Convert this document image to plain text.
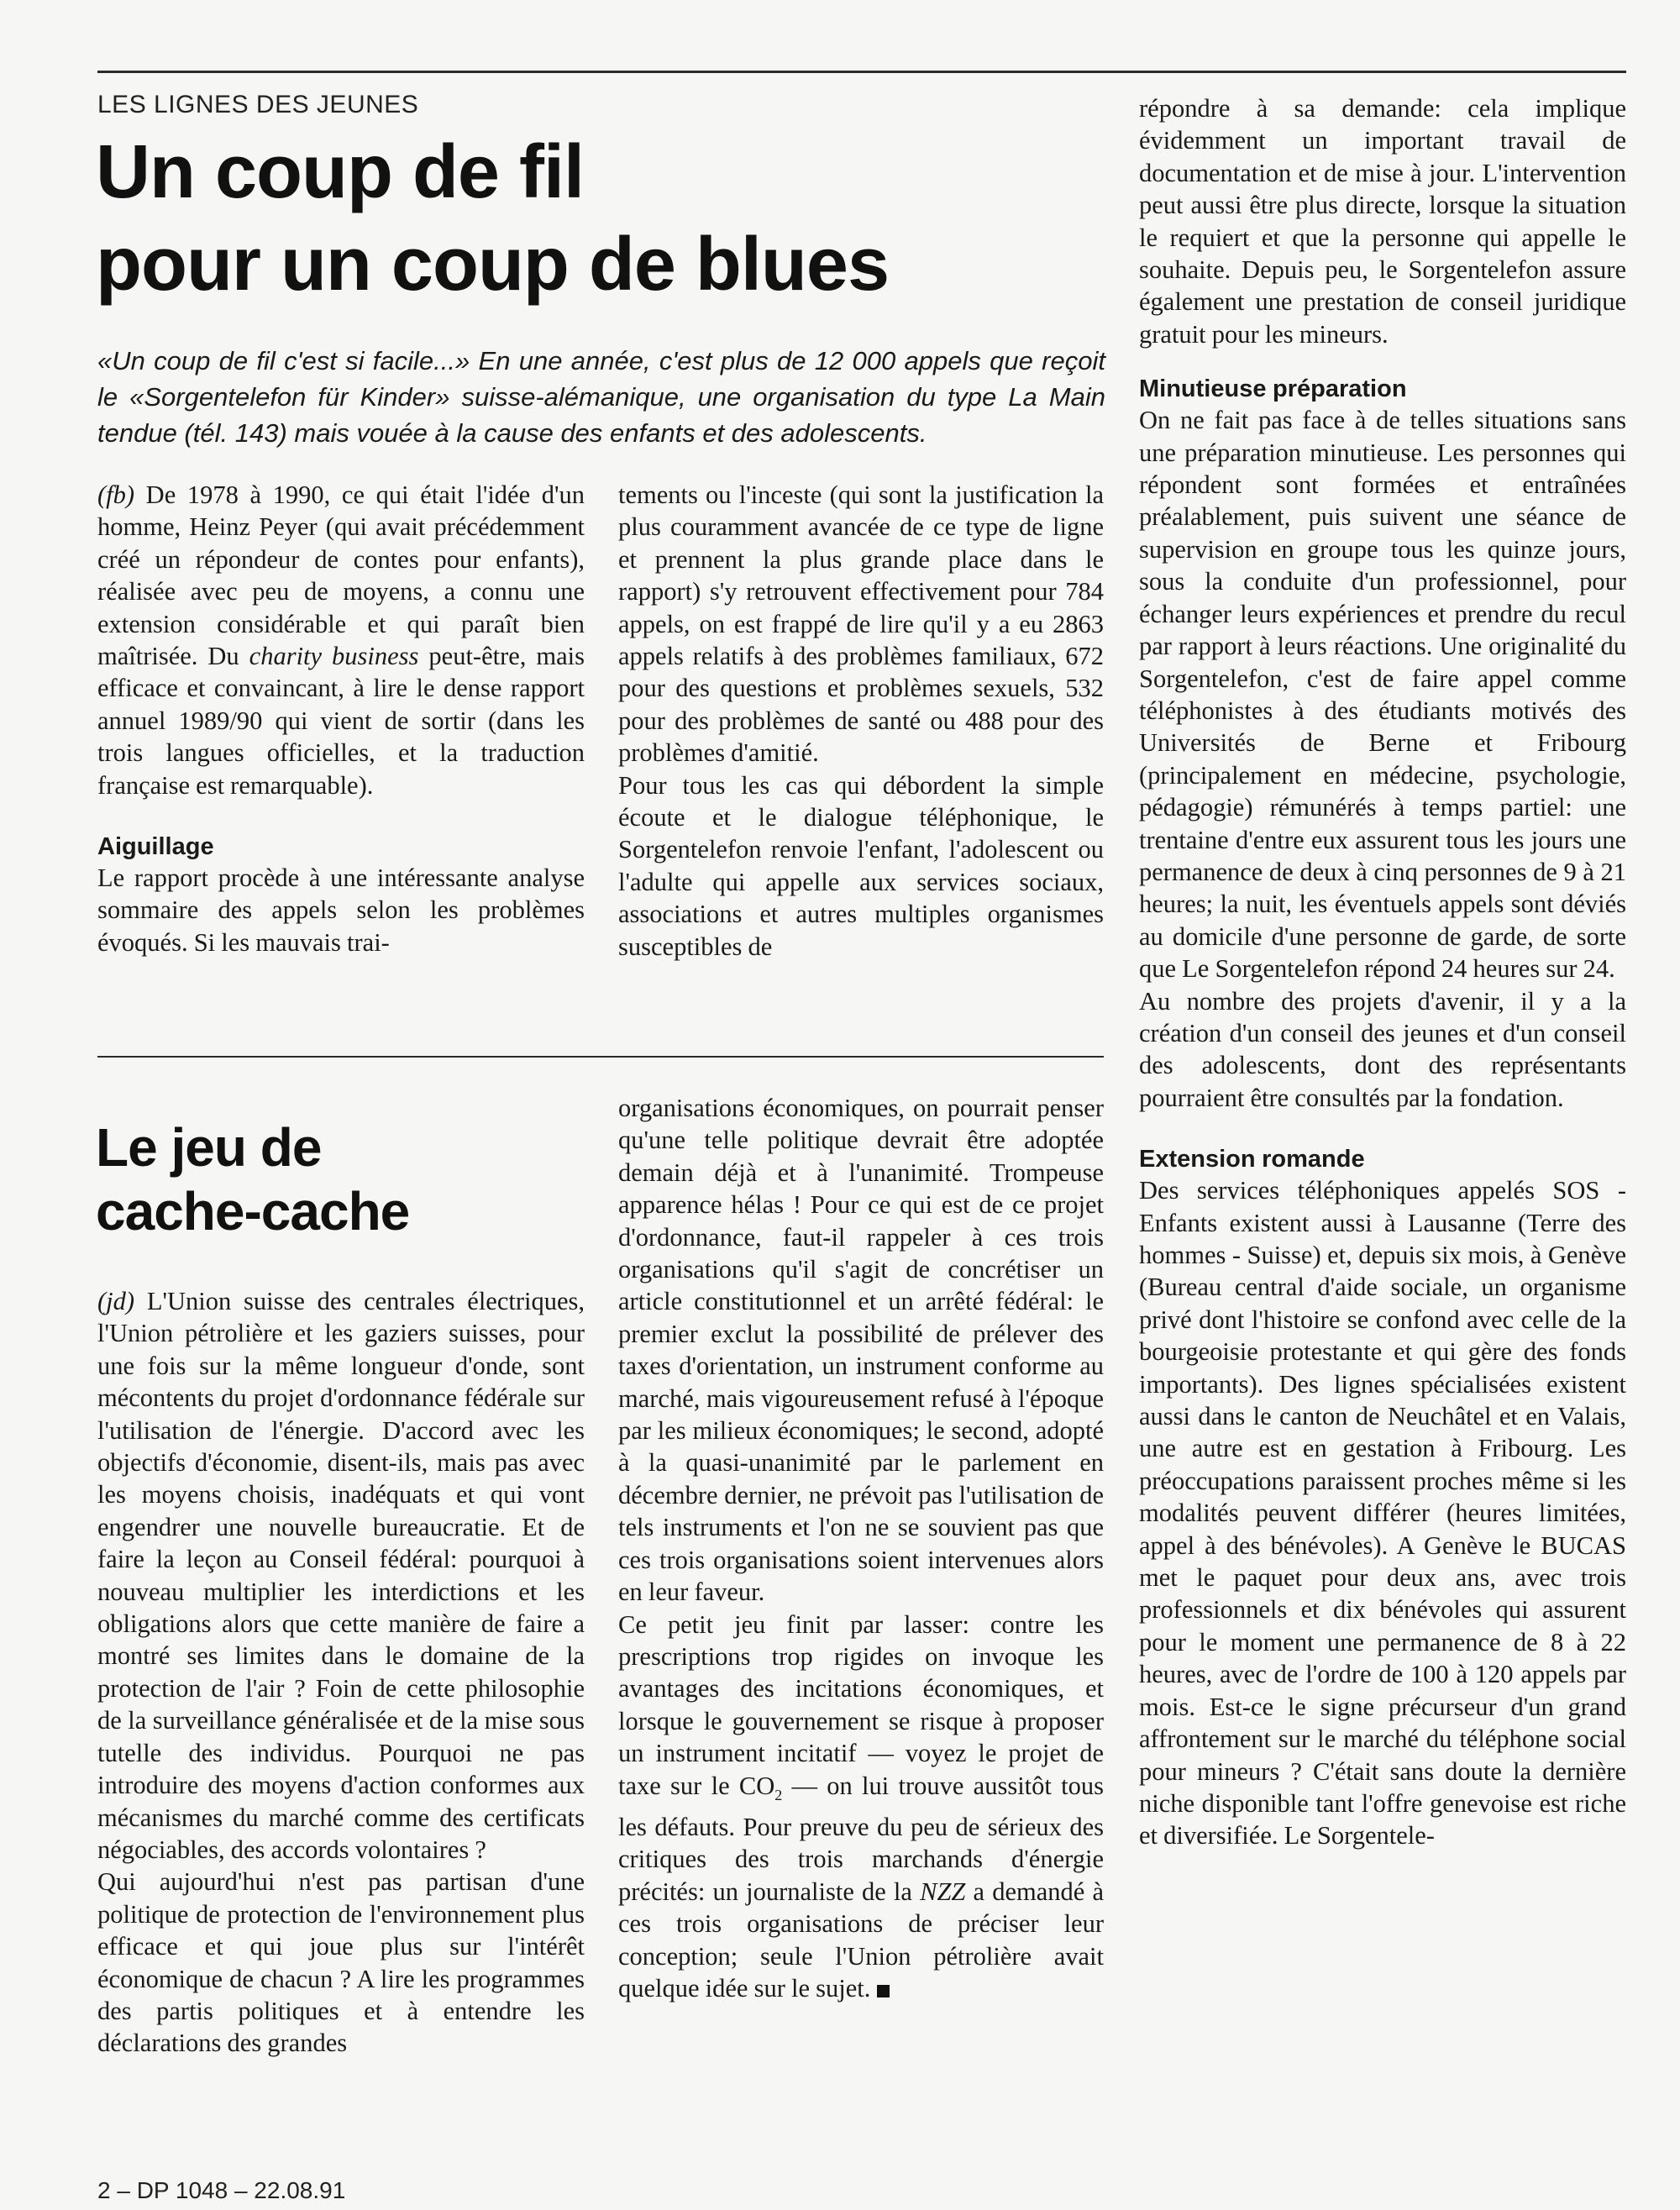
LES LIGNES DES JEUNES
Un coup de fil
pour un coup de blues

«Un coup de fil c'est si facile...» En une année, c'est plus de 12 000 appels que reçoit le «Sorgentelefon für Kinder» suisse-alémanique, une organisation du type La Main tendue (tél. 143) mais vouée à la cause des enfants et des adolescents.

(fb) De 1978 à 1990, ce qui était l'idée d'un homme, Heinz Peyer (qui avait précédemment créé un répondeur de contes pour enfants), réalisée avec peu de moyens, a connu une extension considérable et qui paraît bien maîtrisée. Du charity business peut-être, mais efficace et convaincant, à lire le dense rapport annuel 1989/90 qui vient de sortir (dans les trois langues officielles, et la traduction française est remarquable).

Aiguillage

Le rapport procède à une intéressante analyse sommaire des appels selon les problèmes évoqués. Si les mauvais trai-

tements ou l'inceste (qui sont la justification la plus couramment avancée de ce type de ligne et prennent la plus grande place dans le rapport) s'y retrouvent effectivement pour 784 appels, on est frappé de lire qu'il y a eu 2863 appels relatifs à des problèmes familiaux, 672 pour des questions et problèmes sexuels, 532 pour des problèmes de santé ou 488 pour des problèmes d'amitié.

Pour tous les cas qui débordent la simple écoute et le dialogue téléphonique, le Sorgentelefon renvoie l'enfant, l'adolescent ou l'adulte qui appelle aux services sociaux, associations et autres multiples organismes susceptibles de

répondre à sa demande: cela implique évidemment un important travail de documentation et de mise à jour. L'intervention peut aussi être plus directe, lorsque la situation le requiert et que la personne qui appelle le souhaite. Depuis peu, le Sorgentelefon assure également une prestation de conseil juridique gratuit pour les mineurs.

Minutieuse préparation

On ne fait pas face à de telles situations sans une préparation minutieuse. Les personnes qui répondent sont formées et entraînées préalablement, puis suivent une séance de supervision en groupe tous les quinze jours, sous la conduite d'un professionnel, pour échanger leurs expériences et prendre du recul par rapport à leurs réactions. Une originalité du Sorgentelefon, c'est de faire appel comme téléphonistes à des étudiants motivés des Universités de Berne et Fribourg (principalement en médecine, psychologie, pédagogie) rémunérés à temps partiel: une trentaine d'entre eux assurent tous les jours une permanence de deux à cinq personnes de 9 à 21 heures; la nuit, les éventuels appels sont déviés au domicile d'une personne de garde, de sorte que Le Sorgentelefon répond 24 heures sur 24.

Au nombre des projets d'avenir, il y a la création d'un conseil des jeunes et d'un conseil des adolescents, dont des représentants pourraient être consultés par la fondation.

Extension romande

Des services téléphoniques appelés SOS -Enfants existent aussi à Lausanne (Terre des hommes - Suisse) et, depuis six mois, à Genève (Bureau central d'aide sociale, un organisme privé dont l'histoire se confond avec celle de la bourgeoisie protestante et qui gère des fonds importants). Des lignes spécialisées existent aussi dans le canton de Neuchâtel et en Valais, une autre est en gestation à Fribourg. Les préoccupations paraissent proches même si les modalités peuvent différer (heures limitées, appel à des bénévoles). A Genève le BUCAS met le paquet pour deux ans, avec trois professionnels et dix bénévoles qui assurent pour le moment une permanence de 8 à 22 heures, avec de l'ordre de 100 à 120 appels par mois. Est-ce le signe précurseur d'un grand affrontement sur le marché du téléphone social pour mineurs ? C'était sans doute la dernière niche disponible tant l'offre genevoise est riche et diversifiée. Le Sorgentele-

Le jeu de
cache-cache

(jd) L'Union suisse des centrales électriques, l'Union pétrolière et les gaziers suisses, pour une fois sur la même longueur d'onde, sont mécontents du projet d'ordonnance fédérale sur l'utilisation de l'énergie. D'accord avec les objectifs d'économie, disent-ils, mais pas avec les moyens choisis, inadéquats et qui vont engendrer une nouvelle bureaucratie. Et de faire la leçon au Conseil fédéral: pourquoi à nouveau multiplier les interdictions et les obligations alors que cette manière de faire a montré ses limites dans le domaine de la protection de l'air ? Foin de cette philosophie de la surveillance généralisée et de la mise sous tutelle des individus. Pourquoi ne pas introduire des moyens d'action conformes aux mécanismes du marché comme des certificats négociables, des accords volontaires ?

Qui aujourd'hui n'est pas partisan d'une politique de protection de l'environnement plus efficace et qui joue plus sur l'intérêt économique de chacun ? A lire les programmes des partis politiques et à entendre les déclarations des grandes

organisations économiques, on pourrait penser qu'une telle politique devrait être adoptée demain déjà et à l'unanimité. Trompeuse apparence hélas ! Pour ce qui est de ce projet d'ordonnance, faut-il rappeler à ces trois organisations qu'il s'agit de concrétiser un article constitutionnel et un arrêté fédéral: le premier exclut la possibilité de prélever des taxes d'orientation, un instrument conforme au marché, mais vigoureusement refusé à l'époque par les milieux économiques; le second, adopté à la quasi-unanimité par le parlement en décembre dernier, ne prévoit pas l'utilisation de tels instruments et l'on ne se souvient pas que ces trois organisations soient intervenues alors en leur faveur.

Ce petit jeu finit par lasser: contre les prescriptions trop rigides on invoque les avantages des incitations économiques, et lorsque le gouvernement se risque à proposer un instrument incitatif — voyez le projet de taxe sur le $CO_2$ — on lui trouve aussitôt tous les défauts. Pour preuve du peu de sérieux des critiques des trois marchands d'énergie précités: un journaliste de la NZZ a demandé à ces trois organisations de préciser leur conception; seule l'Union pétrolière avait quelque idée sur le sujet.

2 – DP 1048 – 22.08.91
